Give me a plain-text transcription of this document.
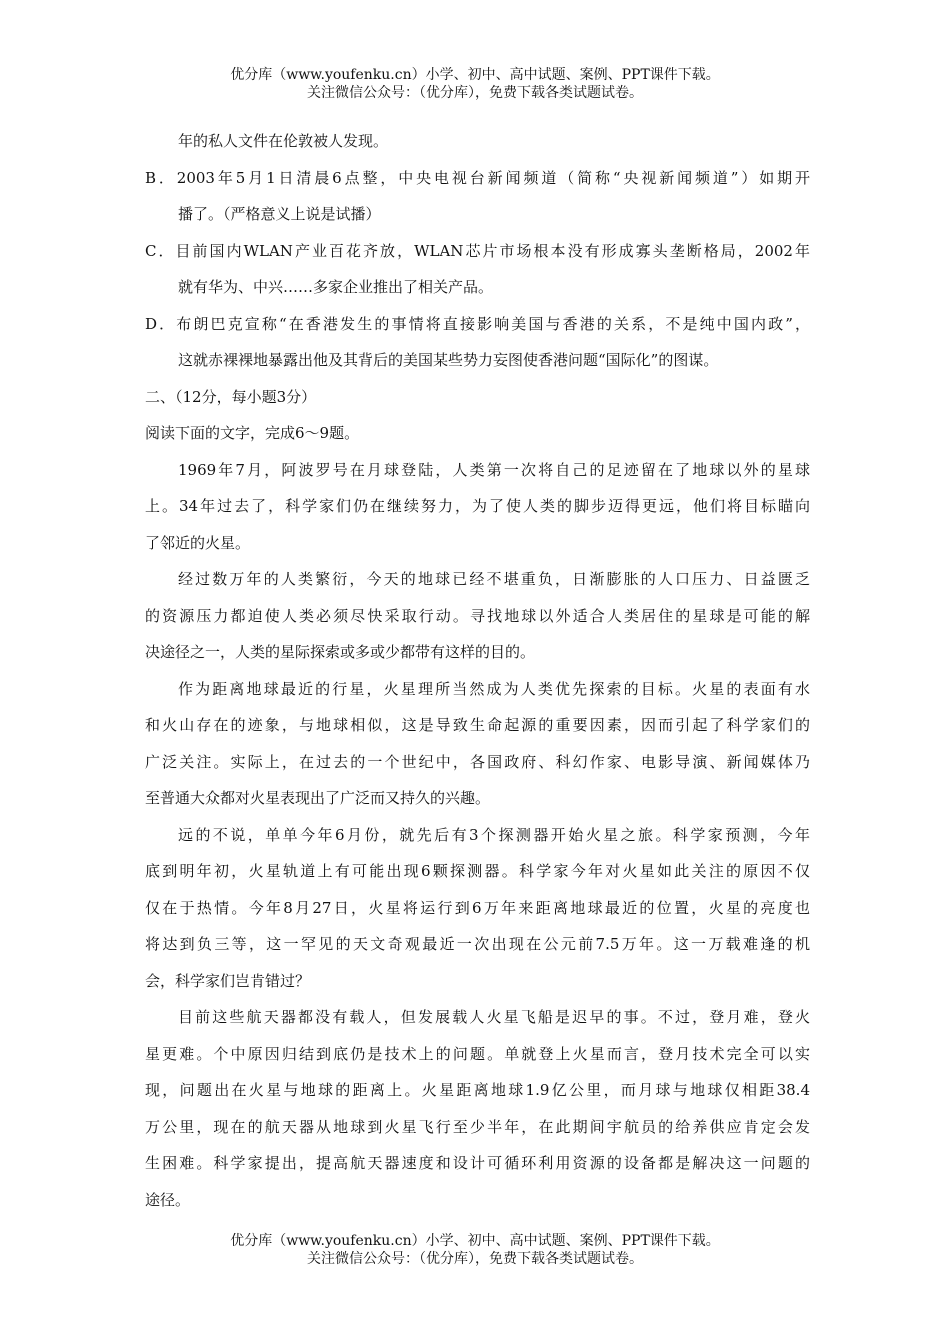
优分库（www.youfenku.cn）小学、初中、高中试题、案例、PPT课件下载。
关注微信公众号：（优分库），免费下载各类试题试卷。
年的私人文件在伦敦被人发现。
B．2003年5月1日清晨6点整，中央电视台新闻频道（简称“央视新闻频道”）如期开
播了。（严格意义上说是试播）
C．目前国内WLAN产业百花齐放，WLAN芯片市场根本没有形成寡头垄断格局，2002年
就有华为、中兴……多家企业推出了相关产品。
D．布朗巴克宣称“在香港发生的事情将直接影响美国与香港的关系，不是纯中国内政”，
这就赤裸裸地暴露出他及其背后的美国某些势力妄图使香港问题“国际化”的图谋。
二、（12分，每小题3分）
阅读下面的文字，完成6～9题。
1969年7月，阿波罗号在月球登陆，人类第一次将自己的足迹留在了地球以外的星球
上。34年过去了，科学家们仍在继续努力，为了使人类的脚步迈得更远，他们将目标瞄向
了邻近的火星。
经过数万年的人类繁衍，今天的地球已经不堪重负，日渐膨胀的人口压力、日益匮乏
的资源压力都迫使人类必须尽快采取行动。寻找地球以外适合人类居住的星球是可能的解
决途径之一，人类的星际探索或多或少都带有这样的目的。
作为距离地球最近的行星，火星理所当然成为人类优先探索的目标。火星的表面有水
和火山存在的迹象，与地球相似，这是导致生命起源的重要因素，因而引起了科学家们的
广泛关注。实际上，在过去的一个世纪中，各国政府、科幻作家、电影导演、新闻媒体乃
至普通大众都对火星表现出了广泛而又持久的兴趣。
远的不说，单单今年6月份，就先后有3个探测器开始火星之旅。科学家预测，今年
底到明年初，火星轨道上有可能出现6颗探测器。科学家今年对火星如此关注的原因不仅
仅在于热情。今年8月27日，火星将运行到6万年来距离地球最近的位置，火星的亮度也
将达到负三等，这一罕见的天文奇观最近一次出现在公元前7.5万年。这一万载难逢的机
会，科学家们岂肯错过？
目前这些航天器都没有载人，但发展载人火星飞船是迟早的事。不过，登月难，登火
星更难。个中原因归结到底仍是技术上的问题。单就登上火星而言，登月技术完全可以实
现，问题出在火星与地球的距离上。火星距离地球1.9亿公里，而月球与地球仅相距38.4
万公里，现在的航天器从地球到火星飞行至少半年，在此期间宇航员的给养供应肯定会发
生困难。科学家提出，提高航天器速度和设计可循环利用资源的设备都是解决这一问题的
途径。
优分库（www.youfenku.cn）小学、初中、高中试题、案例、PPT课件下载。
关注微信公众号：（优分库），免费下载各类试题试卷。
